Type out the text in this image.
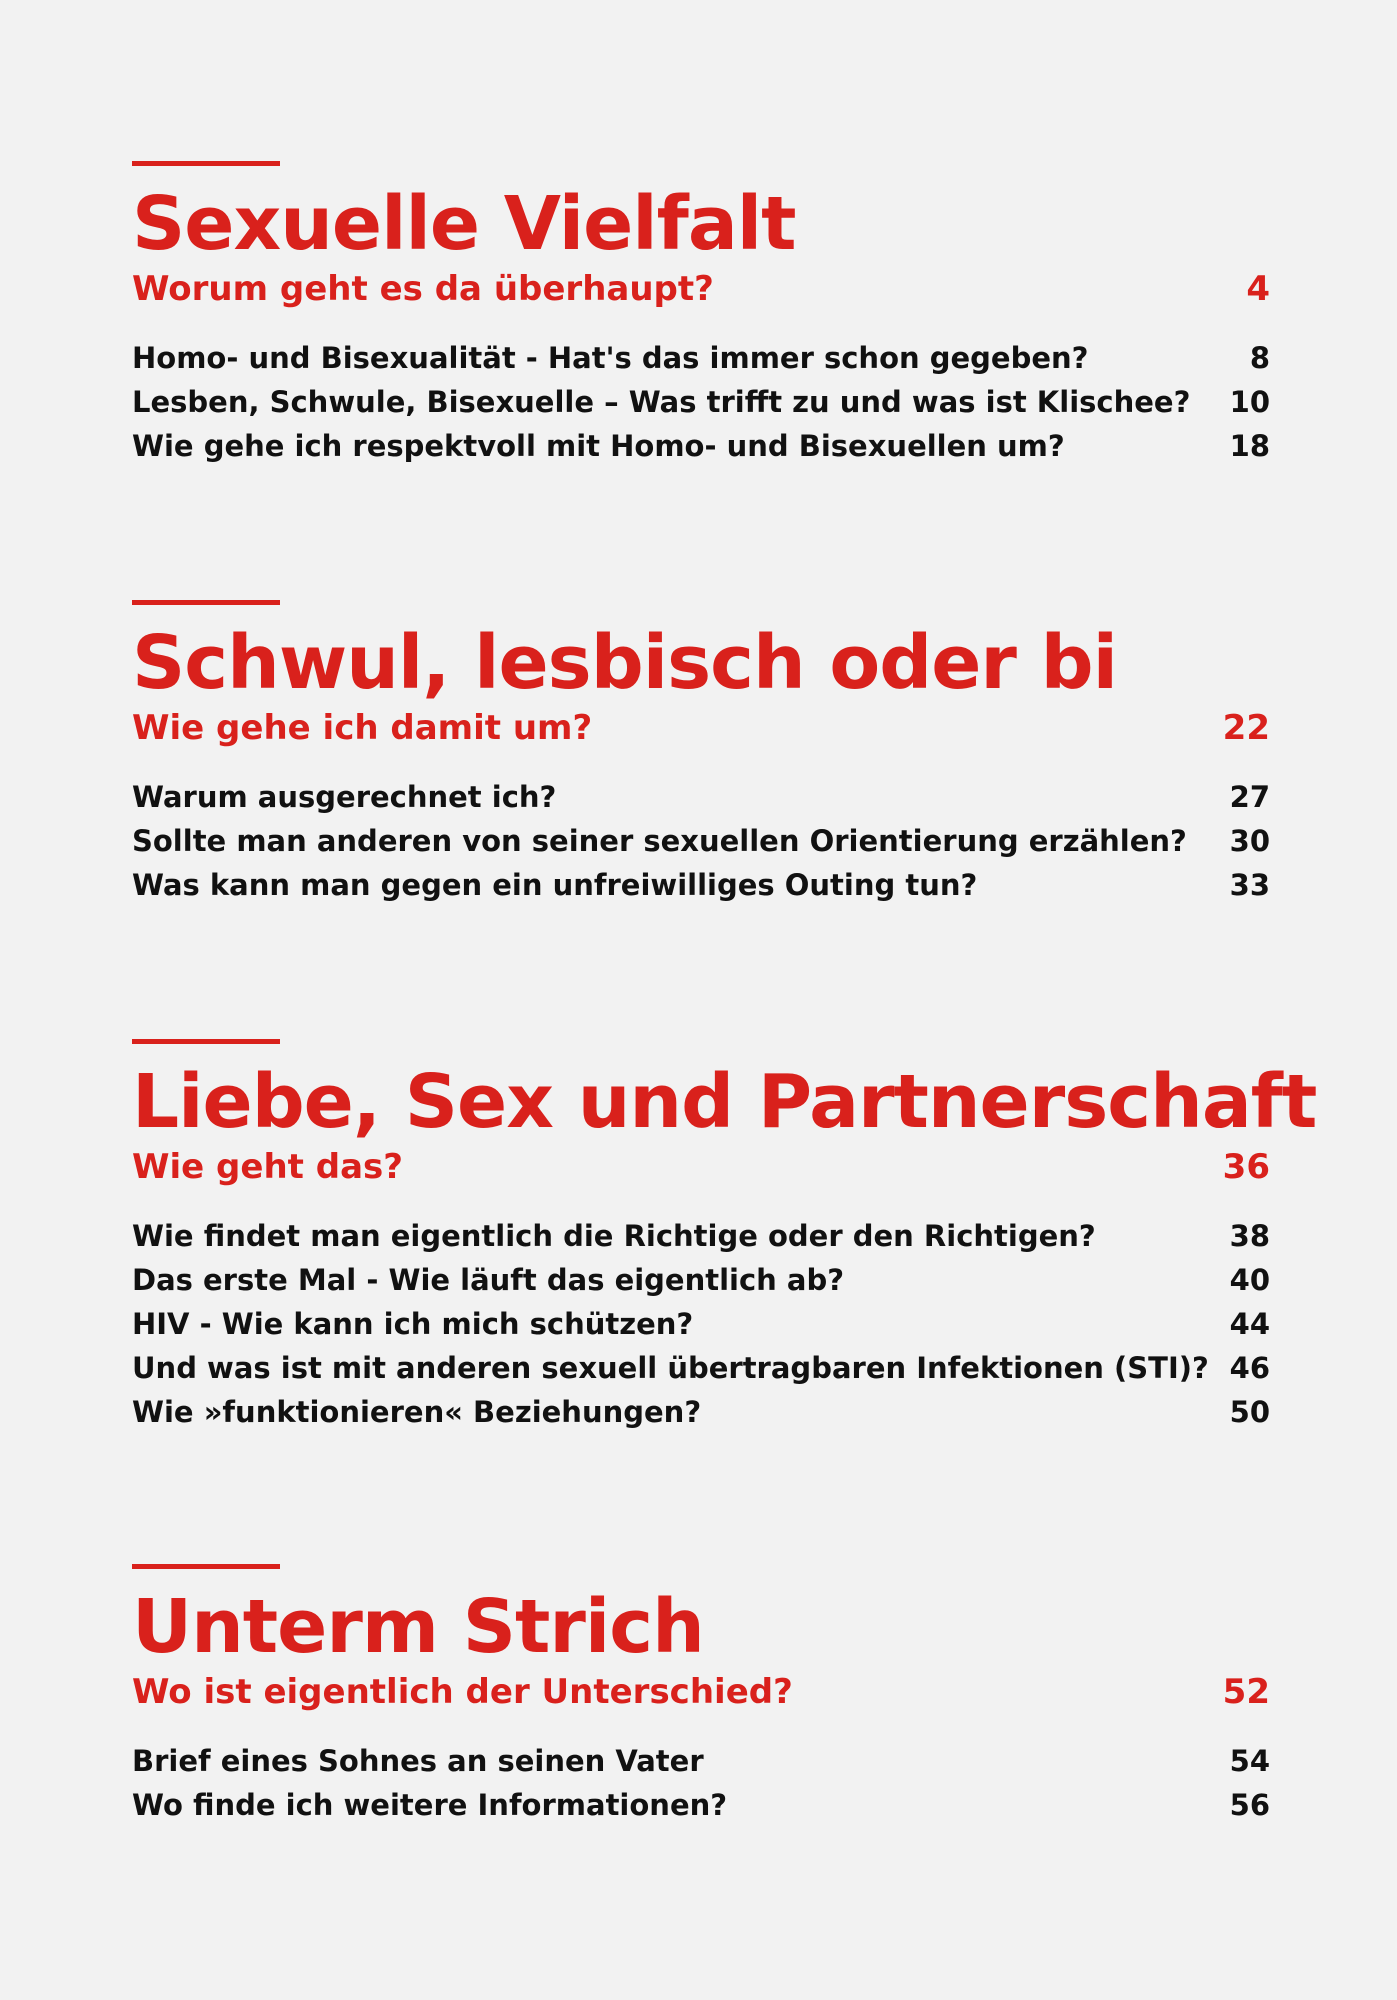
Sexuelle Vielfalt
Worum geht es da überhaupt?	4
Homo- und Bisexualität - Hat's das immer schon gegeben?	8
Lesben, Schwule, Bisexuelle – Was trifft zu und was ist Klischee?	10
Wie gehe ich respektvoll mit Homo- und Bisexuellen um?	18
Schwul, lesbisch oder bi
Wie gehe ich damit um?	22
Warum ausgerechnet ich?	27
Sollte man anderen von seiner sexuellen Orientierung erzählen?	30
Was kann man gegen ein unfreiwilliges Outing tun?	33
Liebe, Sex und Partnerschaft
Wie geht das?	36
Wie findet man eigentlich die Richtige oder den Richtigen?	38
Das erste Mal - Wie läuft das eigentlich ab?	40
HIV - Wie kann ich mich schützen?	44
Und was ist mit anderen sexuell übertragbaren Infektionen (STI)? 46
Wie »funktionieren« Beziehungen?	50
Unterm Strich
Wo ist eigentlich der Unterschied?	52
Brief eines Sohnes an seinen Vater	54
Wo finde ich weitere Informationen?	56
